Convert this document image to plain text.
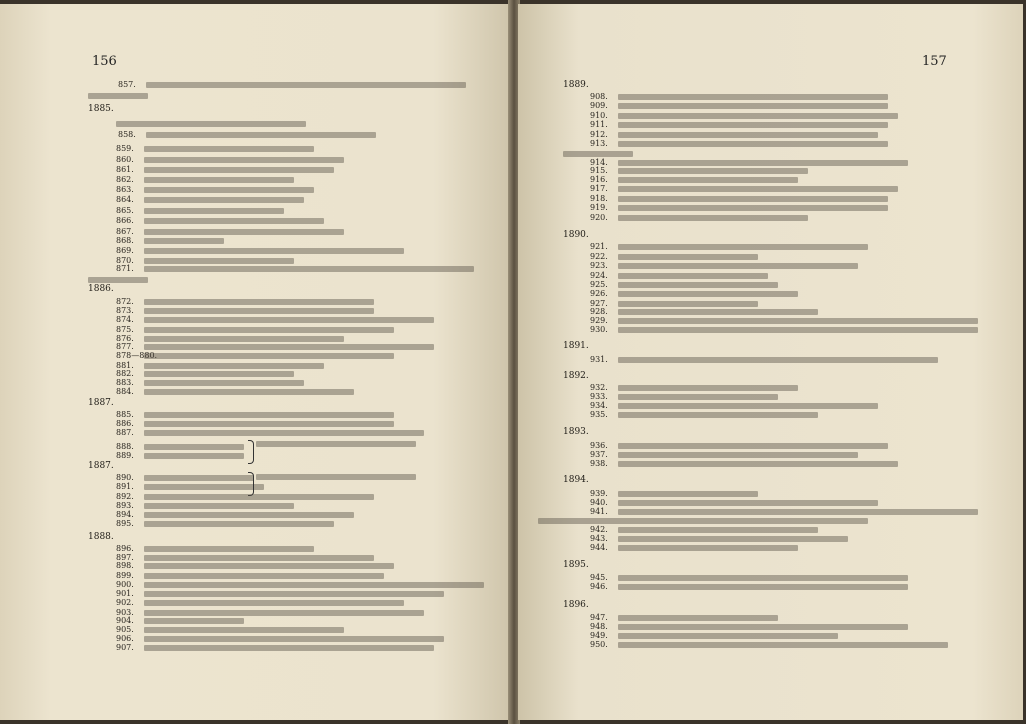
156
857.
1885.
858.
859.
860.
861.
862.
863.
864.
865.
866.
867.
868.
869.
870.
871.
1886.
872.
873.
874.
875.
876.
877.
878—880.
881.
882.
883.
884.
1887.
885.
886.
887.
888.
889.
1887.
890.
891.
892.
893.
894.
895.
1888.
896.
897.
898.
899.
900.
901.
902.
903.
904.
905.
906.
907.
157
1889.
908.
909.
910.
911.
912.
913.
914.
915.
916.
917.
918.
919.
920.
1890.
921.
922.
923.
924.
925.
926.
927.
928.
929.
930.
1891.
931.
1892.
932.
933.
934.
935.
1893.
936.
937.
938.
1894.
939.
940.
941.
942.
943.
944.
1895.
945.
946.
1896.
947.
948.
949.
950.
